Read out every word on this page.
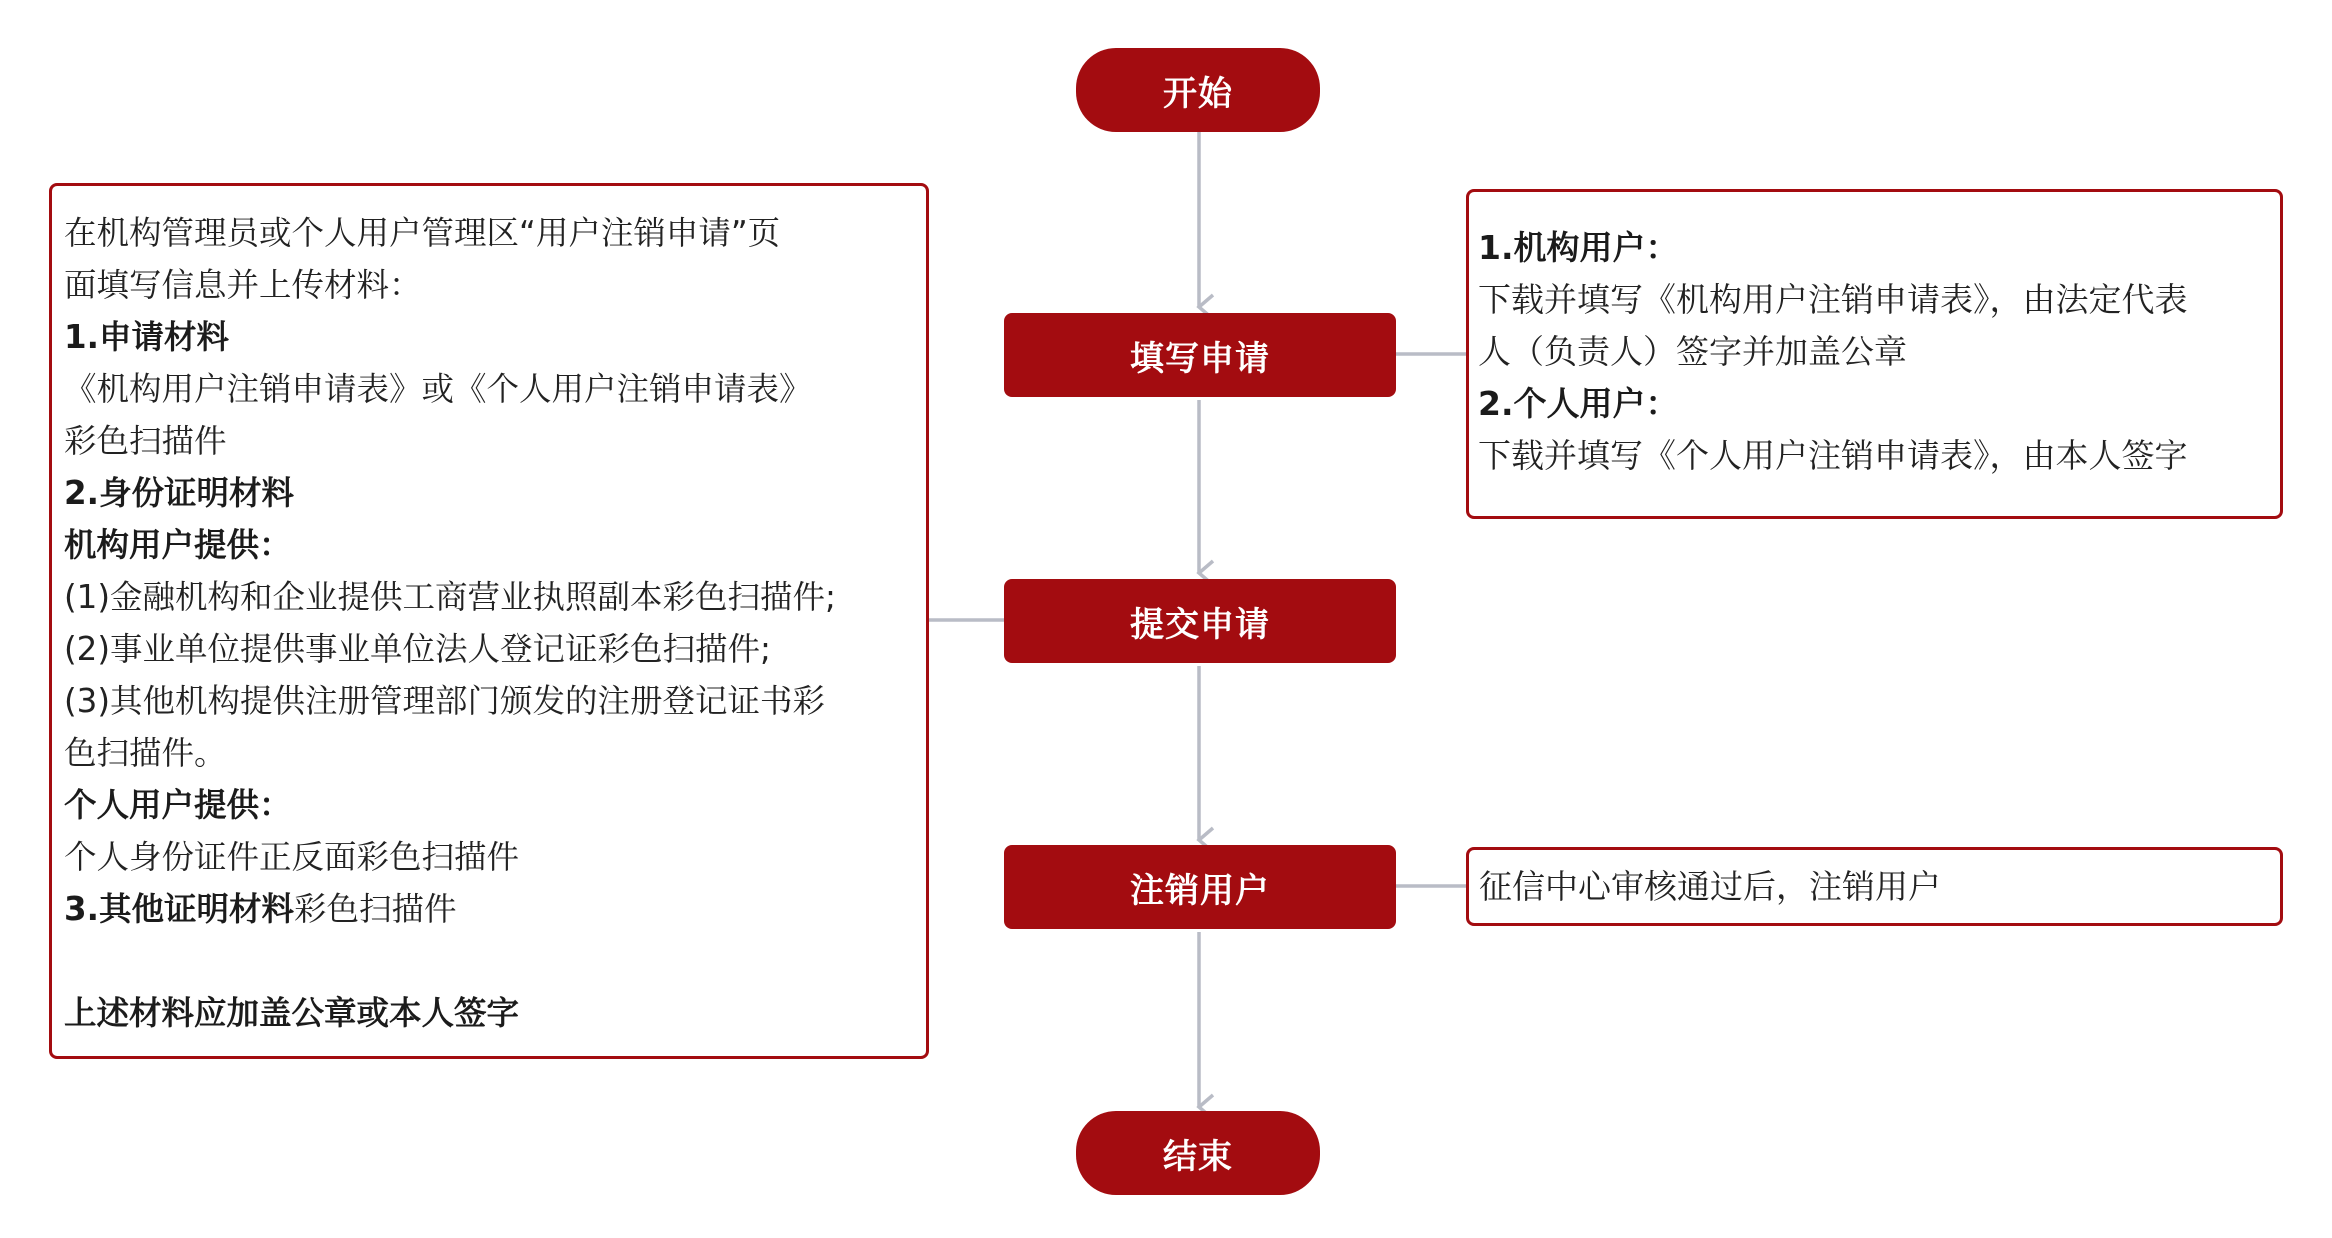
开始
填写申请
提交申请
注销用户
结束
在机构管理员或个人用户管理区“用户注销申请”页
面填写信息并上传材料：
1.申请材料
《机构用户注销申请表》或《个人用户注销申请表》
彩色扫描件
2.身份证明材料
机构用户提供：
(1)金融机构和企业提供工商营业执照副本彩色扫描件;
(2)事业单位提供事业单位法人登记证彩色扫描件;
(3)其他机构提供注册管理部门颁发的注册登记证书彩
色扫描件。
个人用户提供：
个人身份证件正反面彩色扫描件
3.其他证明材料彩色扫描件
上述材料应加盖公章或本人签字
1.机构用户：
下载并填写《机构用户注销申请表》，由法定代表
人（负责人）签字并加盖公章
2.个人用户：
下载并填写《个人用户注销申请表》，由本人签字
征信中心审核通过后，注销用户
